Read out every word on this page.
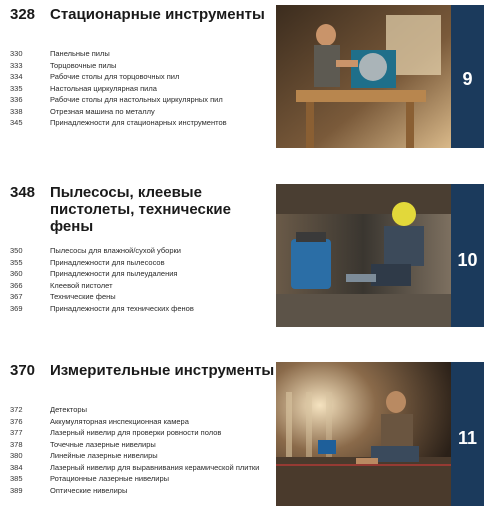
328 Стационарные инструменты
330	Панельные пилы
333	Торцовочные пилы
334	Рабочие столы для торцовочных пил
335	Настольная циркулярная пила
336	Рабочие столы для настольных циркулярных пил
338	Отрезная машина по металлу
345	Принадлежности для стационарных инструментов
9
348 Пылесосы, клеевые пистолеты, технические фены
350	Пылесосы для влажной/сухой уборки
355	Принадлежности для пылесосов
360	Принадлежности для пылеудаления
366	Клеевой пистолет
367	Технические фены
369	Принадлежности для технических фенов
10
370 Измерительные инструменты
372	Детекторы
376	Аккумуляторная инспекционная камера
377	Лазерный нивелир для проверки ровности полов
378	Точечные лазерные нивелиры
380	Линейные лазерные нивелиры
384	Лазерный нивелир для выравнивания керамической плитки
385	Ротационные лазерные нивелиры
389	Оптические нивелиры
11
